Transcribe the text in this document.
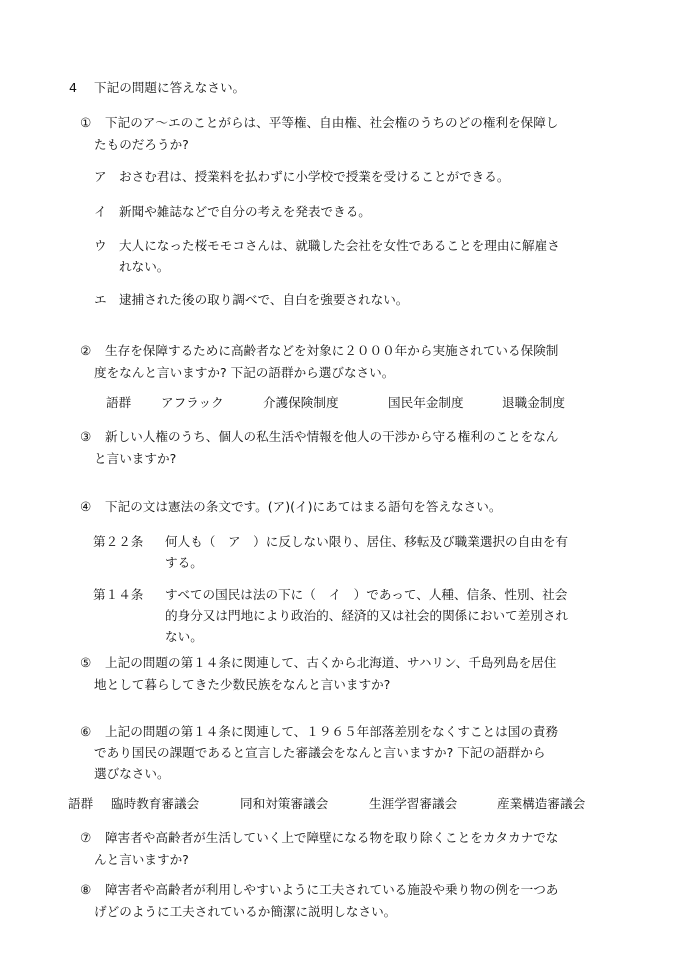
4 下記の問題に答えなさい。
① 下記のア～エのことがらは、平等権、自由権、社会権のうちのどの権利を保障し
たものだろうか?
ア おさむ君は、授業料を払わずに小学校で授業を受けることができる。
イ 新聞や雑誌などで自分の考えを発表できる。
ウ 大人になった桜モモコさんは、就職した会社を女性であることを理由に解雇さ
れない。
エ 逮捕された後の取り調べで、自白を強要されない。
② 生存を保障するために高齢者などを対象に２０００年から実施されている保険制
度をなんと言いますか? 下記の語群から選びなさい。
語群 アフラック	介護保険制度	国民年金制度	退職金制度
③ 新しい人権のうち、個人の私生活や情報を他人の干渉から守る権利のことをなん
と言いますか?
④ 下記の文は憲法の条文です。(ア)(イ)にあてはまる語句を答えなさい。
第２２条 何人も（　ア　）に反しない限り、居住、移転及び職業選択の自由を有
する。
第１４条 すべての国民は法の下に（　イ　）であって、人種、信条、性別、社会
的身分又は門地により政治的、経済的又は社会的関係において差別され
ない。
⑤ 上記の問題の第１４条に関連して、古くから北海道、サハリン、千島列島を居住
地として暮らしてきた少数民族をなんと言いますか?
⑥ 上記の問題の第１４条に関連して、１９６５年部落差別をなくすことは国の責務
であり国民の課題であると宣言した審議会をなんと言いますか? 下記の語群から
選びなさい。
語群 臨時教育審議会	同和対策審議会	生涯学習審議会	産業構造審議会
⑦ 障害者や高齢者が生活していく上で障壁になる物を取り除くことをカタカナでな
んと言いますか?
⑧ 障害者や高齢者が利用しやすいように工夫されている施設や乗り物の例を一つあ
げどのように工夫されているか簡潔に説明しなさい。
